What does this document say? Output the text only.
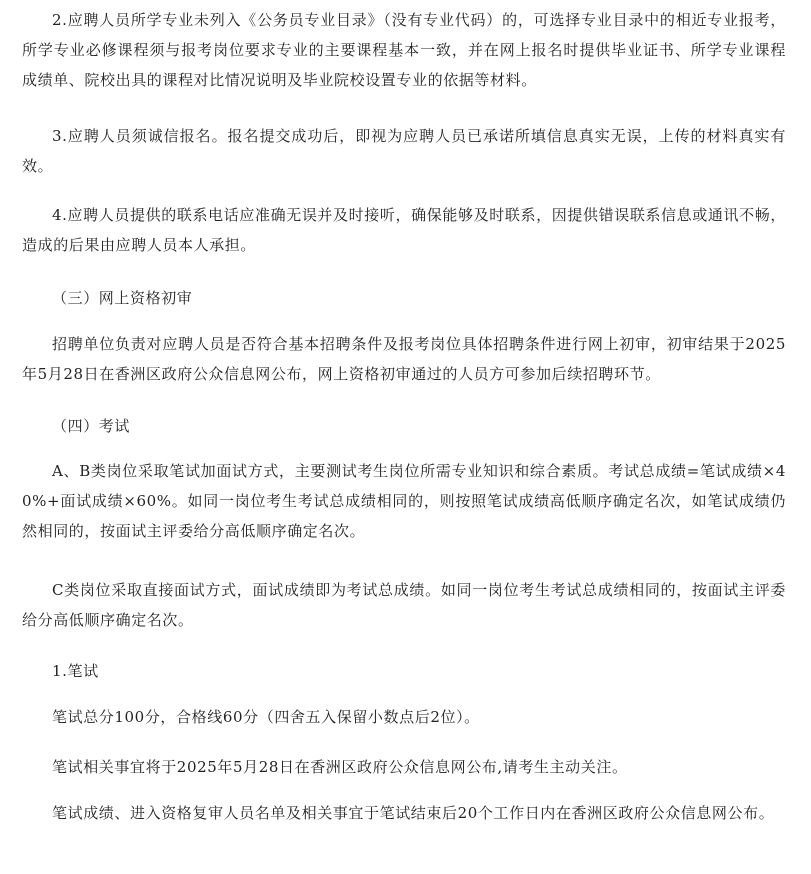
2.应聘人员所学专业未列入《公务员专业目录》（没有专业代码）的，可选择专业目录中的相近专业报考，所学专业必修课程须与报考岗位要求专业的主要课程基本一致，并在网上报名时提供毕业证书、所学专业课程成绩单、院校出具的课程对比情况说明及毕业院校设置专业的依据等材料。

3.应聘人员须诚信报名。报名提交成功后，即视为应聘人员已承诺所填信息真实无误，上传的材料真实有效。

4.应聘人员提供的联系电话应准确无误并及时接听，确保能够及时联系，因提供错误联系信息或通讯不畅，造成的后果由应聘人员本人承担。

（三）网上资格初审

招聘单位负责对应聘人员是否符合基本招聘条件及报考岗位具体招聘条件进行网上初审，初审结果于2025年5月28日在香洲区政府公众信息网公布，网上资格初审通过的人员方可参加后续招聘环节。

（四）考试

A、B类岗位采取笔试加面试方式，主要测试考生岗位所需专业知识和综合素质。考试总成绩=笔试成绩×40%+面试成绩×60%。如同一岗位考生考试总成绩相同的，则按照笔试成绩高低顺序确定名次，如笔试成绩仍然相同的，按面试主评委给分高低顺序确定名次。

C类岗位采取直接面试方式，面试成绩即为考试总成绩。如同一岗位考生考试总成绩相同的，按面试主评委给分高低顺序确定名次。

1.笔试

笔试总分100分，合格线60分（四舍五入保留小数点后2位）。

笔试相关事宜将于2025年5月28日在香洲区政府公众信息网公布,请考生主动关注。

笔试成绩、进入资格复审人员名单及相关事宜于笔试结束后20个工作日内在香洲区政府公众信息网公布。
